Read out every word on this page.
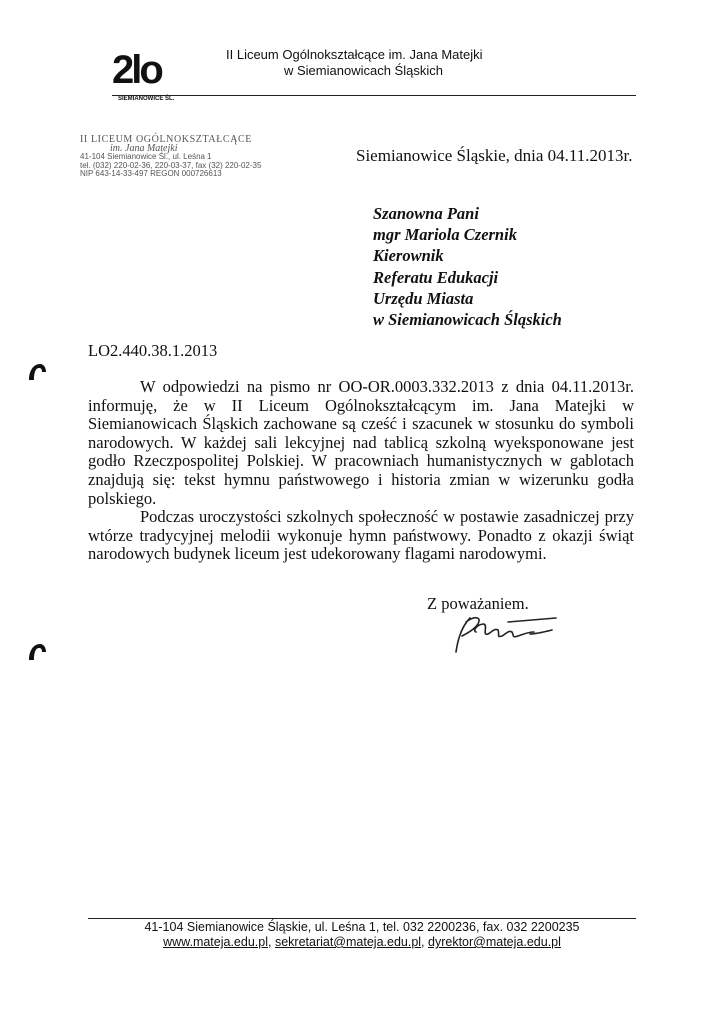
2lo
SIEMIANOWICE ŚL.
II Liceum Ogólnokształcące im. Jana Matejki
w Siemianowicach Śląskich
II LICEUM OGÓLNOKSZTAŁCĄCE
im. Jana Matejki
41-104 Siemianowice Śl., ul. Leśna 1
tel. (032) 220-02-36, 220-03-37, fax (32) 220-02-35
NIP 643-14-33-497 REGON 000726613
Siemianowice Śląskie, dnia 04.11.2013r.
Szanowna Pani
mgr Mariola Czernik
Kierownik
Referatu Edukacji
Urzędu Miasta
w Siemianowicach Śląskich
LO2.440.38.1.2013

W odpowiedzi na pismo nr OO-OR.0003.332.2013 z dnia 04.11.2013r. informuję, że w II Liceum Ogólnokształcącym im. Jana Matejki w Siemianowicach Śląskich zachowane są cześć i szacunek w stosunku do symboli narodowych. W każdej sali lekcyjnej nad tablicą szkolną wyeksponowane jest godło Rzeczpospolitej Polskiej. W pracowniach humanistycznych w gablotach znajdują się: tekst hymnu państwowego i historia zmian w wizerunku godła polskiego.

Podczas uroczystości szkolnych społeczność w postawie zasadniczej przy wtórze tradycyjnej melodii wykonuje hymn państwowy. Ponadto z okazji świąt narodowych budynek liceum jest udekorowany flagami narodowymi.

Z poważaniem.
41-104 Siemianowice Śląskie, ul. Leśna 1, tel. 032 2200236, fax. 032 2200235
www.mateja.edu.pl, sekretariat@mateja.edu.pl, dyrektor@mateja.edu.pl
